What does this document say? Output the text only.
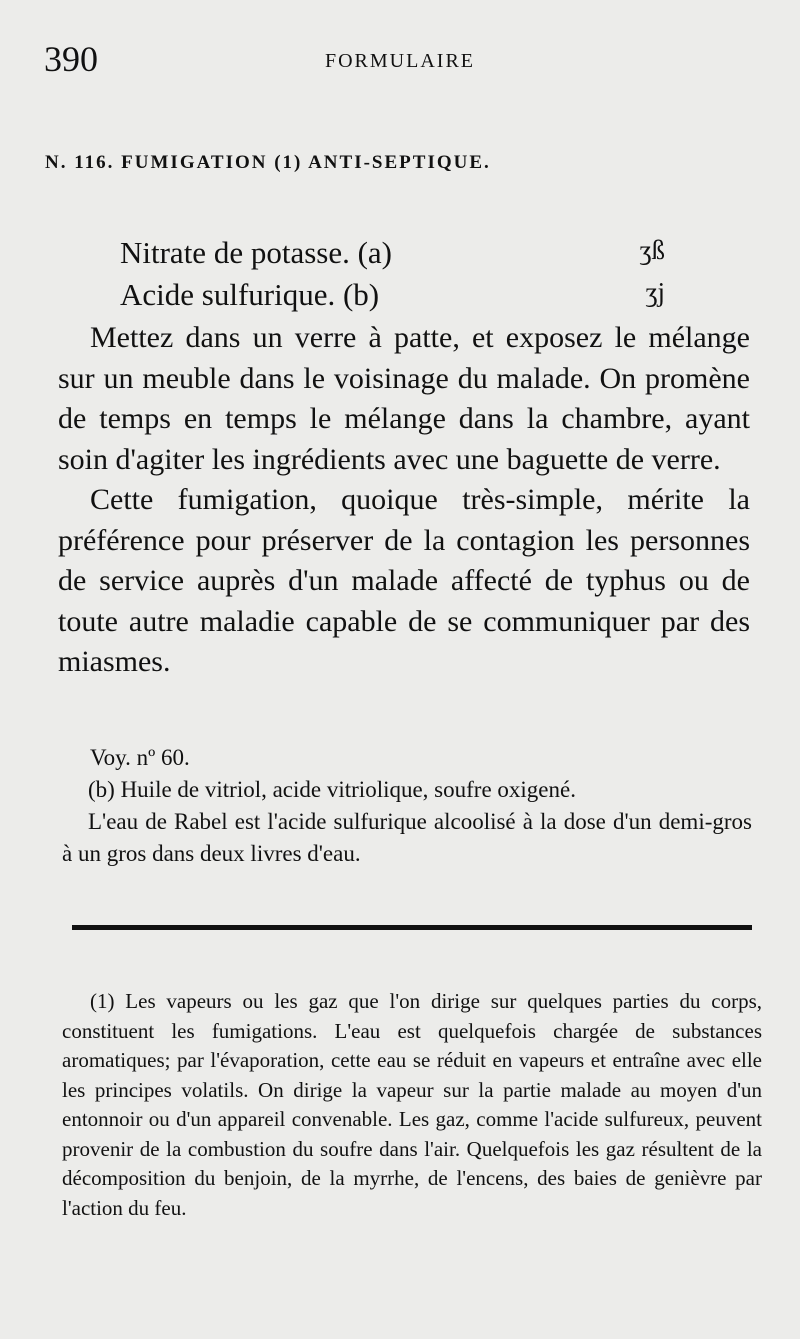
390	FORMULAIRE
N. 116. FUMIGATION (1) ANTI-SEPTIQUE.
Nitrate de potasse. (a)	ʒß
Acide sulfurique. (b)	ʒj

Mettez dans un verre à patte, et exposez le mélange sur un meuble dans le voisinage du malade. On promène de temps en temps le mélange dans la chambre, ayant soin d'agiter les ingrédients avec une baguette de verre.

Cette fumigation, quoique très-simple, mérite la préférence pour préserver de la contagion les personnes de service auprès d'un malade affecté de typhus ou de toute autre maladie capable de se communiquer par des miasmes.

Voy. nº 60.

(b) Huile de vitriol, acide vitriolique, soufre oxigené.

L'eau de Rabel est l'acide sulfurique alcoolisé à la dose d'un demi-gros à un gros dans deux livres d'eau.

(1) Les vapeurs ou les gaz que l'on dirige sur quelques parties du corps, constituent les fumigations. L'eau est quelquefois chargée de substances aromatiques; par l'évaporation, cette eau se réduit en vapeurs et entraîne avec elle les principes volatils. On dirige la vapeur sur la partie malade au moyen d'un entonnoir ou d'un appareil convenable. Les gaz, comme l'acide sulfureux, peuvent provenir de la combustion du soufre dans l'air. Quelquefois les gaz résultent de la décomposition du benjoin, de la myrrhe, de l'encens, des baies de genièvre par l'action du feu.
